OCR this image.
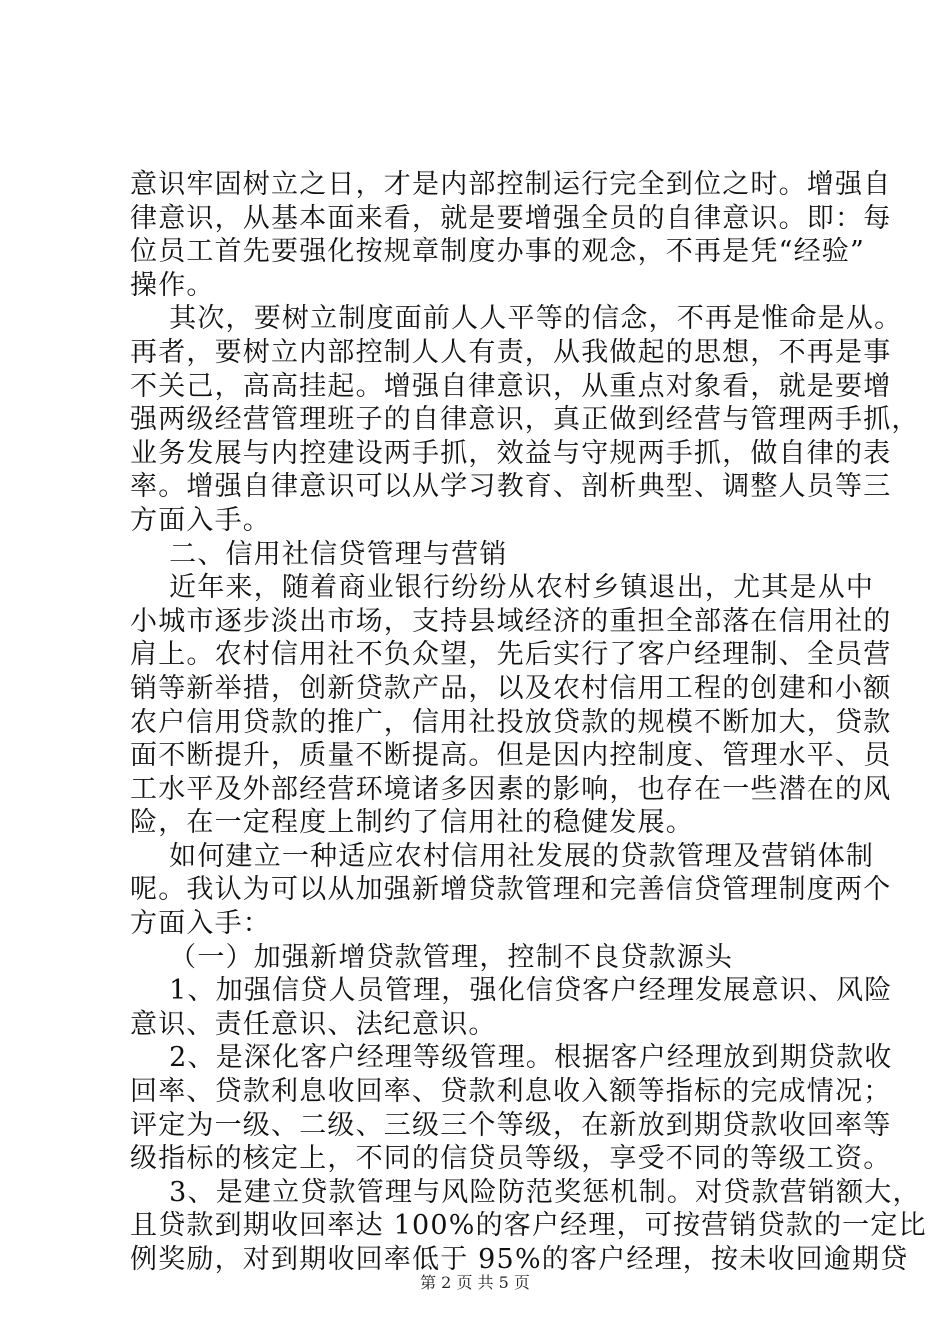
意识牢固树立之日，才是内部控制运行完全到位之时。增强自
律意识，从基本面来看，就是要增强全员的自律意识。即：每
位员工首先要强化按规章制度办事的观念，不再是凭“经验”
操作。
其次，要树立制度面前人人平等的信念，不再是惟命是从。
再者，要树立内部控制人人有责，从我做起的思想，不再是事
不关己，高高挂起。增强自律意识，从重点对象看，就是要增
强两级经营管理班子的自律意识，真正做到经营与管理两手抓，
业务发展与内控建设两手抓，效益与守规两手抓，做自律的表
率。增强自律意识可以从学习教育、剖析典型、调整人员等三
方面入手。
二、信用社信贷管理与营销
近年来，随着商业银行纷纷从农村乡镇退出，尤其是从中
小城市逐步淡出市场，支持县域经济的重担全部落在信用社的
肩上。农村信用社不负众望，先后实行了客户经理制、全员营
销等新举措，创新贷款产品，以及农村信用工程的创建和小额
农户信用贷款的推广，信用社投放贷款的规模不断加大，贷款
面不断提升，质量不断提高。但是因内控制度、管理水平、员
工水平及外部经营环境诸多因素的影响，也存在一些潜在的风
险，在一定程度上制约了信用社的稳健发展。
如何建立一种适应农村信用社发展的贷款管理及营销体制
呢。我认为可以从加强新增贷款管理和完善信贷管理制度两个
方面入手：
（一）加强新增贷款管理，控制不良贷款源头
1、加强信贷人员管理，强化信贷客户经理发展意识、风险
意识、责任意识、法纪意识。
2、是深化客户经理等级管理。根据客户经理放到期贷款收
回率、贷款利息收回率、贷款利息收入额等指标的完成情况；
评定为一级、二级、三级三个等级，在新放到期贷款收回率等
级指标的核定上，不同的信贷员等级，享受不同的等级工资。
3、是建立贷款管理与风险防范奖惩机制。对贷款营销额大，
且贷款到期收回率达 100%的客户经理，可按营销贷款的一定比
例奖励，对到期收回率低于 95%的客户经理，按未收回逾期贷
第 2 页 共 5 页
